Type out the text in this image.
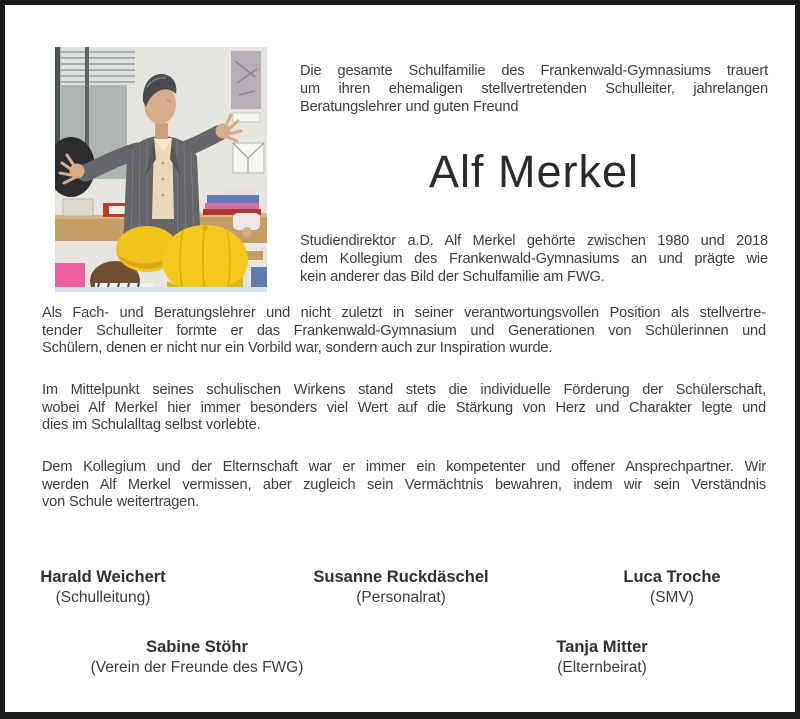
Die gesamte Schulfamilie des Frankenwald-Gymnasiums trauert
um ihren ehemaligen stellvertretenden Schulleiter, jahrelangen
Beratungslehrer und guten Freund
Alf Merkel
Studiendirektor a.D. Alf Merkel gehörte zwischen 1980 und 2018
dem Kollegium des Frankenwald-Gymnasiums an und prägte wie
kein anderer das Bild der Schulfamilie am FWG.
Als Fach- und Beratungslehrer und nicht zuletzt in seiner verantwortungsvollen Position als stellvertre-
tender Schulleiter formte er das Frankenwald-Gymnasium und Generationen von Schülerinnen und
Schülern, denen er nicht nur ein Vorbild war, sondern auch zur Inspiration wurde.
Im Mittelpunkt seines schulischen Wirkens stand stets die individuelle Förderung der Schülerschaft,
wobei Alf Merkel hier immer besonders viel Wert auf die Stärkung von Herz und Charakter legte und
dies im Schulalltag selbst vorlebte.
Dem Kollegium und der Elternschaft war er immer ein kompetenter und offener Ansprechpartner. Wir
werden Alf Merkel vermissen, aber zugleich sein Vermächtnis bewahren, indem wir sein Verständnis
von Schule weitertragen.
Harald Weichert
(Schulleitung)
Susanne Ruckdäschel
(Personalrat)
Luca Troche
(SMV)
Sabine Stöhr
(Verein der Freunde des FWG)
Tanja Mitter
(Elternbeirat)
